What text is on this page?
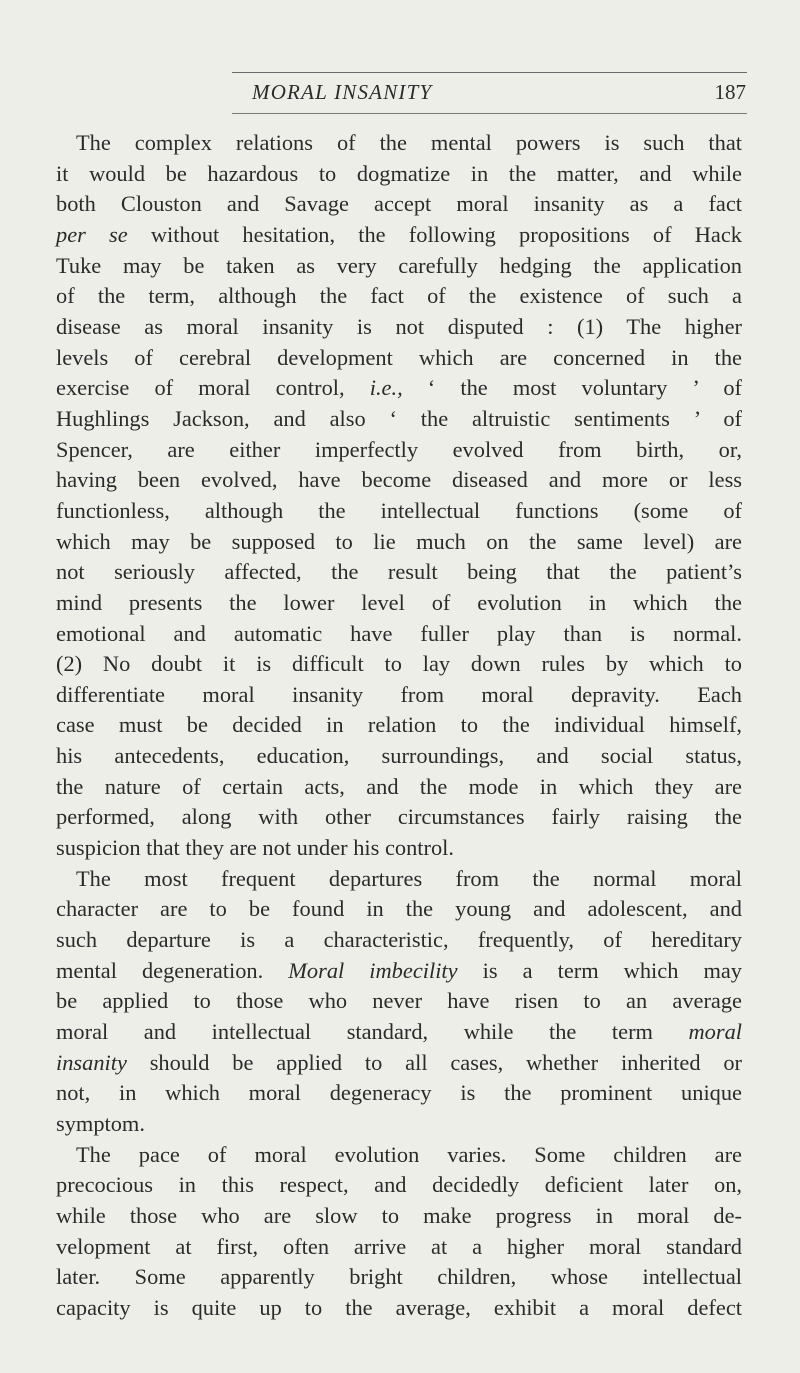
MORAL INSANITY	187
The complex relations of the mental powers is such that
it would be hazardous to dogmatize in the matter, and while
both Clouston and Savage accept moral insanity as a fact
per se without hesitation, the following propositions of Hack
Tuke may be taken as very carefully hedging the application
of the term, although the fact of the existence of such a
disease as moral insanity is not disputed : (1) The higher
levels of cerebral development which are concerned in the
exercise of moral control, i.e., ‘ the most voluntary ’ of
Hughlings Jackson, and also ‘ the altruistic sentiments ’ of
Spencer, are either imperfectly evolved from birth, or,
having been evolved, have become diseased and more or less
functionless, although the intellectual functions (some of
which may be supposed to lie much on the same level) are
not seriously affected, the result being that the patient’s
mind presents the lower level of evolution in which the
emotional and automatic have fuller play than is normal.
(2) No doubt it is difficult to lay down rules by which to
differentiate moral insanity from moral depravity. Each
case must be decided in relation to the individual himself,
his antecedents, education, surroundings, and social status,
the nature of certain acts, and the mode in which they are
performed, along with other circumstances fairly raising the
suspicion that they are not under his control.
The most frequent departures from the normal moral
character are to be found in the young and adolescent, and
such departure is a characteristic, frequently, of hereditary
mental degeneration. Moral imbecility is a term which may
be applied to those who never have risen to an average
moral and intellectual standard, while the term moral
insanity should be applied to all cases, whether inherited or
not, in which moral degeneracy is the prominent unique
symptom.
The pace of moral evolution varies. Some children are
precocious in this respect, and decidedly deficient later on,
while those who are slow to make progress in moral de-
velopment at first, often arrive at a higher moral standard
later. Some apparently bright children, whose intellectual
capacity is quite up to the average, exhibit a moral defect
